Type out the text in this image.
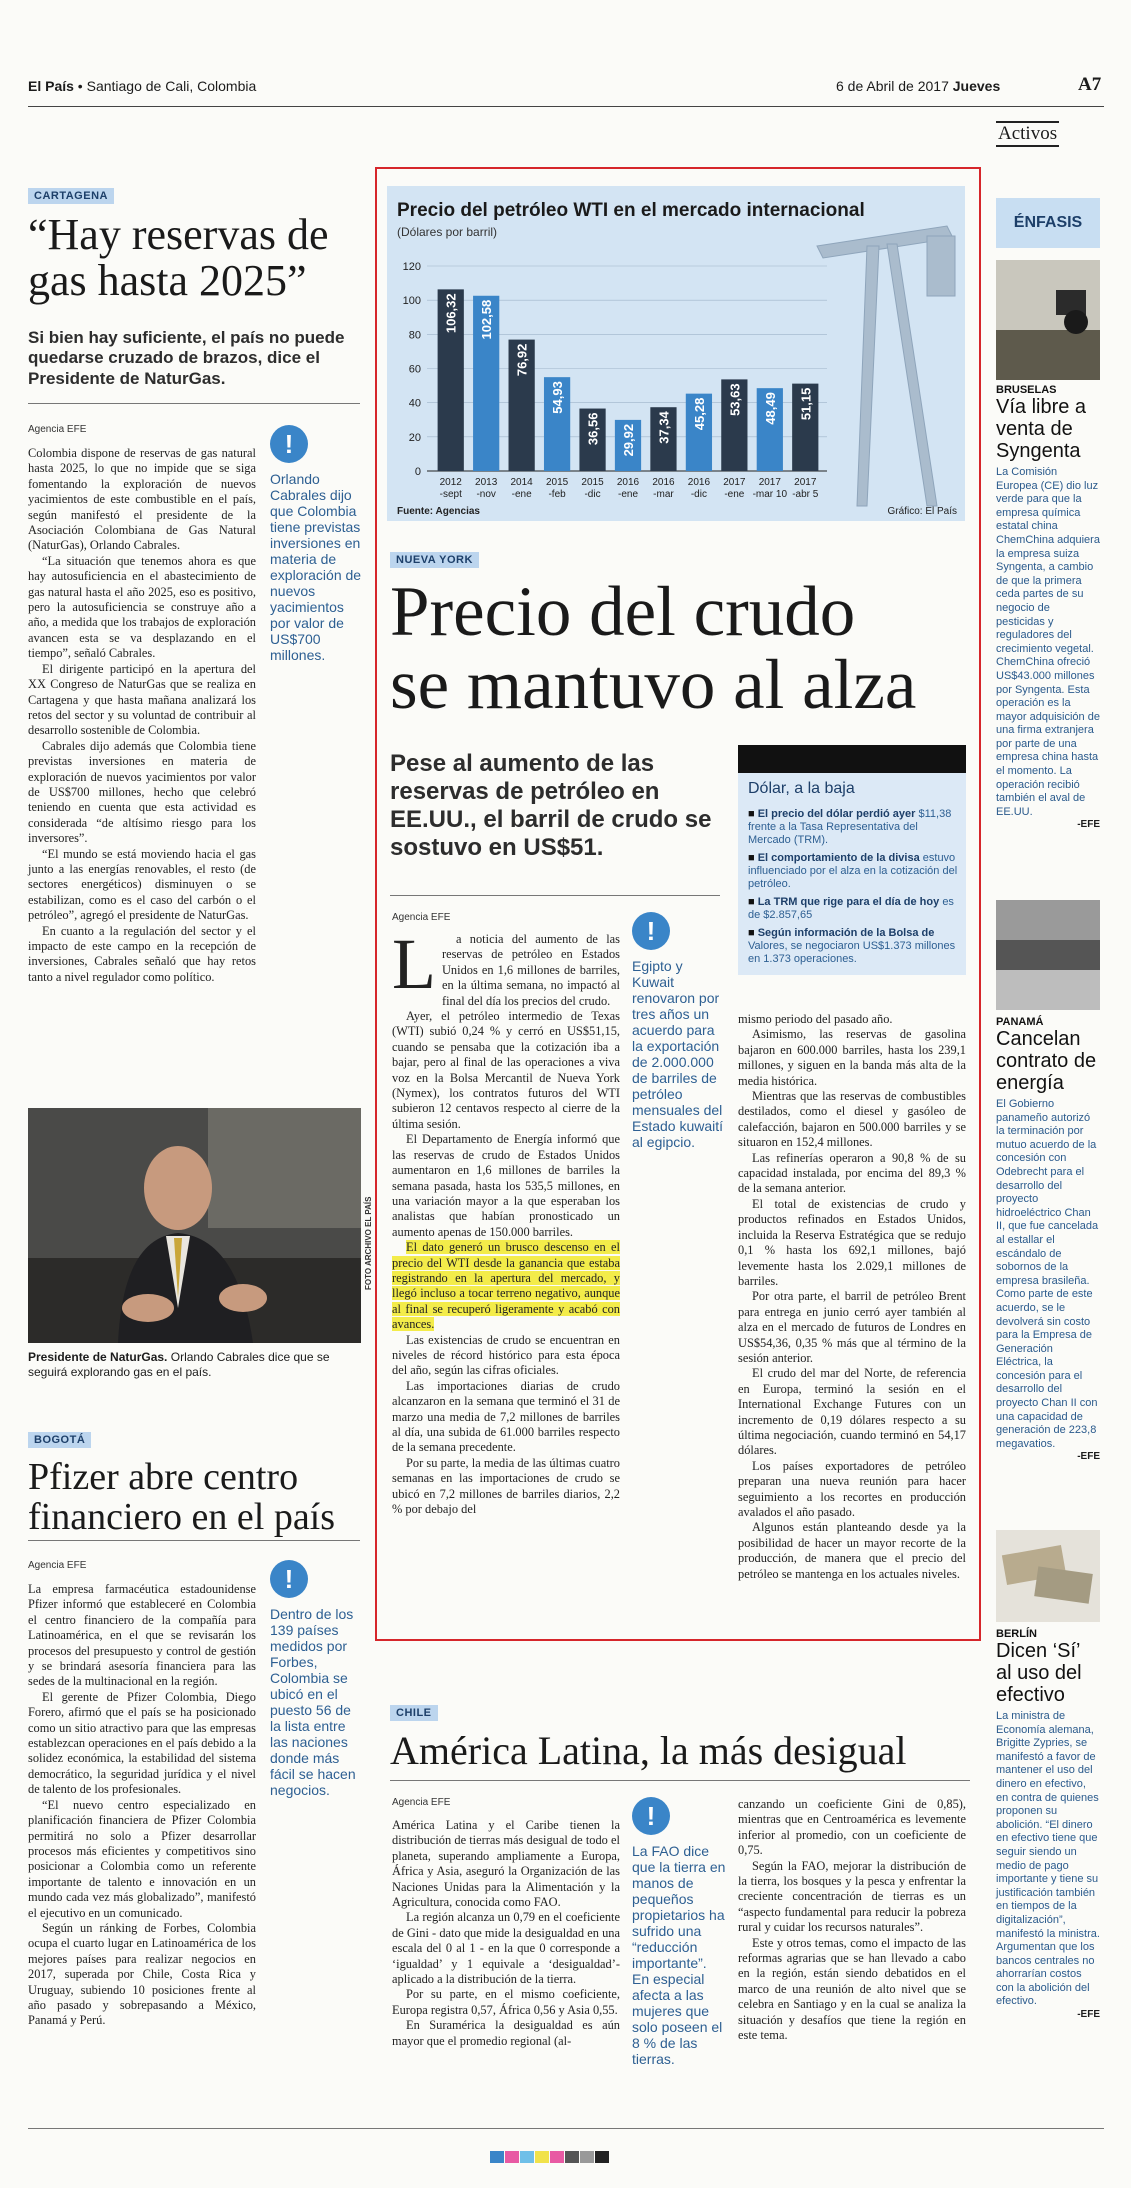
El País • Santiago de Cali, Colombia	6 de Abril de 2017 Jueves	A7
Activos
CARTAGENA
“Hay reservas de gas hasta 2025”
Si bien hay suficiente, el país no puede quedarse cruzado de brazos, dice el Presidente de NaturGas.
Agencia EFE

Colombia dispone de reservas de gas natural hasta 2025, lo que no impide que se siga fomentando la exploración de nuevos yacimientos de este combustible en el país, según manifestó el presidente de la Asociación Colombiana de Gas Natural (NaturGas), Orlando Cabrales.

“La situación que tenemos ahora es que hay autosuficiencia en el abastecimiento de gas natural hasta el año 2025, eso es positivo, pero la autosuficiencia se construye año a año, a medida que los trabajos de exploración avancen esta se va desplazando en el tiempo”, señaló Cabrales.

El dirigente participó en la apertura del XX Congreso de NaturGas que se realiza en Cartagena y que hasta mañana analizará los retos del sector y su voluntad de contribuir al desarrollo sostenible de Colombia.

Cabrales dijo además que Colombia tiene previstas inversiones en materia de exploración de nuevos yacimientos por valor de US$700 millones, hecho que celebró teniendo en cuenta que esta actividad es considerada “de altísimo riesgo para los inversores”.

“El mundo se está moviendo hacia el gas junto a las energías renovables, el resto (de sectores energéticos) disminuyen o se estabilizan, como es el caso del carbón o el petróleo”, agregó el presidente de NaturGas.

En cuanto a la regulación del sector y el impacto de este campo en la recepción de inversiones, Cabrales señaló que hay retos tanto a nivel regulador como político.

!
Orlando Cabrales dijo que Colombia tiene previstas inversiones en materia de exploración de nuevos yacimientos por valor de US$700 millones.
FOTO ARCHIVO EL PAÍS
Presidente de NaturGas. Orlando Cabrales dice que se seguirá explorando gas en el país.
BOGOTÁ
Pfizer abre centro financiero en el país
Agencia EFE

La empresa farmacéutica estadounidense Pfizer informó que estableceré en Colombia el centro financiero de la compañía para Latinoamérica, en el que se revisarán los procesos del presupuesto y control de gestión y se brindará asesoría financiera para las sedes de la multinacional en la región.

El gerente de Pfizer Colombia, Diego Forero, afirmó que el país se ha posicionado como un sitio atractivo para que las empresas establezcan operaciones en el país debido a la solidez económica, la estabilidad del sistema democrático, la seguridad jurídica y el nivel de talento de los profesionales.

“El nuevo centro especializado en planificación financiera de Pfizer Colombia permitirá no solo a Pfizer desarrollar procesos más eficientes y competitivos sino posicionar a Colombia como un referente importante de talento e innovación en un mundo cada vez más globalizado”, manifestó el ejecutivo en un comunicado.

Según un ránking de Forbes, Colombia ocupa el cuarto lugar en Latinoamérica de los mejores países para realizar negocios en 2017, superada por Chile, Costa Rica y Uruguay, subiendo 10 posiciones frente al año pasado y sobrepasando a México, Panamá y Perú.

!
Dentro de los 139 países medidos por Forbes, Colombia se ubicó en el puesto 56 de la lista entre las naciones donde más fácil se hacen negocios.
Precio del petróleo WTI en el mercado internacional
(Dólares por barril)
0
20
40
60
80
100
120
106,32
2012 -sept
102,58
2013 -nov
76,92
2014 -ene
54,93
2015 -feb
36,56
2015 -dic
29,92
2016 -ene
37,34
2016 -mar
45,28
2016 -dic
53,63
2017 -ene
48,49
2017 -mar 10
51,15
2017 -abr 5
Fuente: Agencias	Gráfico: El País
NUEVA YORK
Precio del crudo
se mantuvo al alza
Pese al aumento de las reservas de petróleo en EE.UU., el barril de crudo se sostuvo en US$51.
Dólar, a la baja
■ El precio del dólar perdió ayer $11,38 frente a la Tasa Representativa del Mercado (TRM).
■ El comportamiento de la divisa estuvo influenciado por el alza en la cotización del petróleo.
■ La TRM que rige para el día de hoy es de $2.857,65
■ Según información de la Bolsa de Valores, se negociaron US$1.373 millones en 1.373 operaciones.
Agencia EFE
L	a noticia del aumento de las reservas de petróleo en Estados Unidos en 1,6 millones de barriles, en la última semana, no impactó al final del día los precios del crudo.

Ayer, el petróleo intermedio de Texas (WTI) subió 0,24 % y cerró en US$51,15, cuando se pensaba que la cotización iba a bajar, pero al final de las operaciones a viva voz en la Bolsa Mercantil de Nueva York (Nymex), los contratos futuros del WTI subieron 12 centavos respecto al cierre de la última sesión.

El Departamento de Energía informó que las reservas de crudo de Estados Unidos aumentaron en 1,6 millones de barriles la semana pasada, hasta los 535,5 millones, en una variación mayor a la que esperaban los analistas que habían pronosticado un aumento apenas de 150.000 barriles.

El dato generó un brusco descenso en el precio del WTI desde la ganancia que estaba registrando en la apertura del mercado, y llegó incluso a tocar terreno negativo, aunque al final se recuperó ligeramente y acabó con avances.

Las existencias de crudo se encuentran en niveles de récord histórico para esta época del año, según las cifras oficiales.

Las importaciones diarias de crudo alcanzaron en la semana que terminó el 31 de marzo una media de 7,2 millones de barriles al día, una subida de 61.000 barriles respecto de la semana precedente.

Por su parte, la media de las últimas cuatro semanas en las importaciones de crudo se ubicó en 7,2 millones de barriles diarios, 2,2 % por debajo del

!
Egipto y Kuwait renovaron por tres años un acuerdo para la exportación de 2.000.000 de barriles de petróleo mensuales del Estado kuwaití al egipcio.

mismo periodo del pasado año.

Asimismo, las reservas de gasolina bajaron en 600.000 barriles, hasta los 239,1 millones, y siguen en la banda más alta de la media histórica.

Mientras que las reservas de combustibles destilados, como el diesel y gasóleo de calefacción, bajaron en 500.000 barriles y se situaron en 152,4 millones.

Las refinerías operaron a 90,8 % de su capacidad instalada, por encima del 89,3 % de la semana anterior.

El total de existencias de crudo y productos refinados en Estados Unidos, incluida la Reserva Estratégica que se redujo 0,1 % hasta los 692,1 millones, bajó levemente hasta los 2.029,1 millones de barriles.

Por otra parte, el barril de petróleo Brent para entrega en junio cerró ayer también al alza en el mercado de futuros de Londres en US$54,36, 0,35 % más que al término de la sesión anterior.

El crudo del mar del Norte, de referencia en Europa, terminó la sesión en el International Exchange Futures con un incremento de 0,19 dólares respecto a su última negociación, cuando terminó en 54,17 dólares.

Los países exportadores de petróleo preparan una nueva reunión para hacer seguimiento a los recortes en producción avalados el año pasado.

Algunos están planteando desde ya la posibilidad de hacer un mayor recorte de la producción, de manera que el precio del petróleo se mantenga en los actuales niveles.

CHILE
América Latina, la más desigual
Agencia EFE

América Latina y el Caribe tienen la distribución de tierras más desigual de todo el planeta, superando ampliamente a Europa, África y Asia, aseguró la Organización de las Naciones Unidas para la Alimentación y la Agricultura, conocida como FAO.

La región alcanza un 0,79 en el coeficiente de Gini - dato que mide la desigualdad en una escala del 0 al 1 - en la que 0 corresponde a ‘igualdad’ y 1 equivale a ‘desigualdad’- aplicado a la distribución de la tierra.

Por su parte, en el mismo coeficiente, Europa registra 0,57, África 0,56 y Asia 0,55.

En Suramérica la desigualdad es aún mayor que el promedio regional (al-

!
La FAO dice que la tierra en manos de pequeños propietarios ha sufrido una “reducción importante”. En especial afecta a las mujeres que solo poseen el 8 % de las tierras.

canzando un coeficiente Gini de 0,85), mientras que en Centroamérica es levemente inferior al promedio, con un coeficiente de 0,75.

Según la FAO, mejorar la distribución de la tierra, los bosques y la pesca y enfrentar la creciente concentración de tierras es un “aspecto fundamental para reducir la pobreza rural y cuidar los recursos naturales”.

Este y otros temas, como el impacto de las reformas agrarias que se han llevado a cabo en la región, están siendo debatidos en el marco de una reunión de alto nivel que se celebra en Santiago y en la cual se analiza la situación y desafíos que tiene la región en este tema.

ÉNFASIS
BRUSELAS
Vía libre a venta de Syngenta
La Comisión Europea (CE) dio luz verde para que la empresa química estatal china ChemChina adquiera la empresa suiza Syngenta, a cambio de que la primera ceda partes de su negocio de pesticidas y reguladores del crecimiento vegetal. ChemChina ofreció US$43.000 millones por Syngenta. Esta operación es la mayor adquisición de una firma extranjera por parte de una empresa china hasta el momento. La operación recibió también el aval de EE.UU.
-EFE
PANAMÁ
Cancelan contrato de energía
El Gobierno panameño autorizó la terminación por mutuo acuerdo de la concesión con Odebrecht para el desarrollo del proyecto hidroeléctrico Chan II, que fue cancelada al estallar el escándalo de sobornos de la empresa brasileña. Como parte de este acuerdo, se le devolverá sin costo para la Empresa de Generación Eléctrica, la concesión para el desarrollo del proyecto Chan II con una capacidad de generación de 223,8 megavatios.
-EFE
BERLÍN
Dicen ‘Sí’ al uso del efectivo
La ministra de Economía alemana, Brigitte Zypries, se manifestó a favor de mantener el uso del dinero en efectivo, en contra de quienes proponen su abolición. “El dinero en efectivo tiene que seguir siendo un medio de pago importante y tiene su justificación también en tiempos de la digitalización”, manifestó la ministra. Argumentan que los bancos centrales no ahorrarían costos con la abolición del efectivo.
-EFE
